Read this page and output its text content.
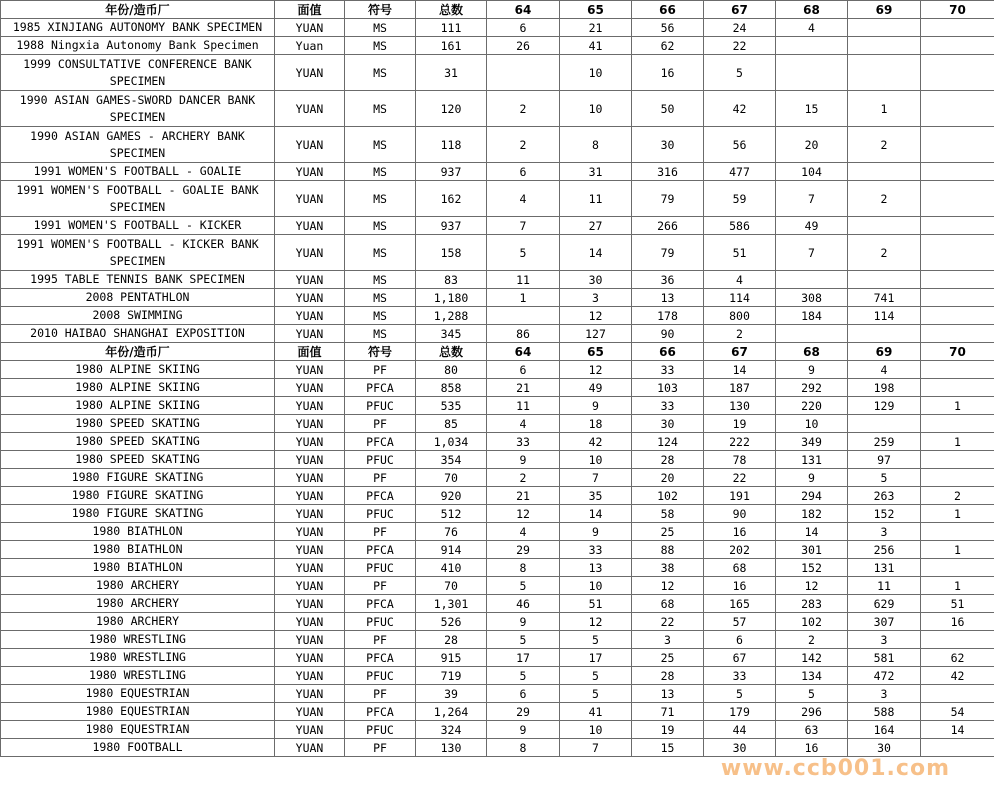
年份/造币厂	面值	符号	总数	64	65	66	67	68	69	70
1985 XINJIANG AUTONOMY BANK SPECIMEN	YUAN	MS	111	6	21	56	24	4		
1988 Ningxia Autonomy Bank Specimen	Yuan	MS	161	26	41	62	22			
1999 CONSULTATIVE CONFERENCE BANK SPECIMEN	YUAN	MS	31		10	16	5			
1990 ASIAN GAMES-SWORD DANCER BANK SPECIMEN	YUAN	MS	120	2	10	50	42	15	1	
1990 ASIAN GAMES - ARCHERY BANK SPECIMEN	YUAN	MS	118	2	8	30	56	20	2	
1991 WOMEN'S FOOTBALL - GOALIE	YUAN	MS	937	6	31	316	477	104		
1991 WOMEN'S FOOTBALL - GOALIE BANK SPECIMEN	YUAN	MS	162	4	11	79	59	7	2	
1991 WOMEN'S FOOTBALL - KICKER	YUAN	MS	937	7	27	266	586	49		
1991 WOMEN'S FOOTBALL - KICKER BANK SPECIMEN	YUAN	MS	158	5	14	79	51	7	2	
1995 TABLE TENNIS BANK SPECIMEN	YUAN	MS	83	11	30	36	4			
2008 PENTATHLON	YUAN	MS	1,180	1	3	13	114	308	741	
2008 SWIMMING	YUAN	MS	1,288		12	178	800	184	114	
2010 HAIBAO SHANGHAI EXPOSITION	YUAN	MS	345	86	127	90	2			
年份/造币厂	面值	符号	总数	64	65	66	67	68	69	70
1980 ALPINE SKIING	YUAN	PF	80	6	12	33	14	9	4	
1980 ALPINE SKIING	YUAN	PFCA	858	21	49	103	187	292	198	
1980 ALPINE SKIING	YUAN	PFUC	535	11	9	33	130	220	129	1
1980 SPEED SKATING	YUAN	PF	85	4	18	30	19	10		
1980 SPEED SKATING	YUAN	PFCA	1,034	33	42	124	222	349	259	1
1980 SPEED SKATING	YUAN	PFUC	354	9	10	28	78	131	97	
1980 FIGURE SKATING	YUAN	PF	70	2	7	20	22	9	5	
1980 FIGURE SKATING	YUAN	PFCA	920	21	35	102	191	294	263	2
1980 FIGURE SKATING	YUAN	PFUC	512	12	14	58	90	182	152	1
1980 BIATHLON	YUAN	PF	76	4	9	25	16	14	3	
1980 BIATHLON	YUAN	PFCA	914	29	33	88	202	301	256	1
1980 BIATHLON	YUAN	PFUC	410	8	13	38	68	152	131	
1980 ARCHERY	YUAN	PF	70	5	10	12	16	12	11	1
1980 ARCHERY	YUAN	PFCA	1,301	46	51	68	165	283	629	51
1980 ARCHERY	YUAN	PFUC	526	9	12	22	57	102	307	16
1980 WRESTLING	YUAN	PF	28	5	5	3	6	2	3	
1980 WRESTLING	YUAN	PFCA	915	17	17	25	67	142	581	62
1980 WRESTLING	YUAN	PFUC	719	5	5	28	33	134	472	42
1980 EQUESTRIAN	YUAN	PF	39	6	5	13	5	5	3	
1980 EQUESTRIAN	YUAN	PFCA	1,264	29	41	71	179	296	588	54
1980 EQUESTRIAN	YUAN	PFUC	324	9	10	19	44	63	164	14
1980 FOOTBALL	YUAN	PF	130	8	7	15	30	16	30	
www.ccb001.com
